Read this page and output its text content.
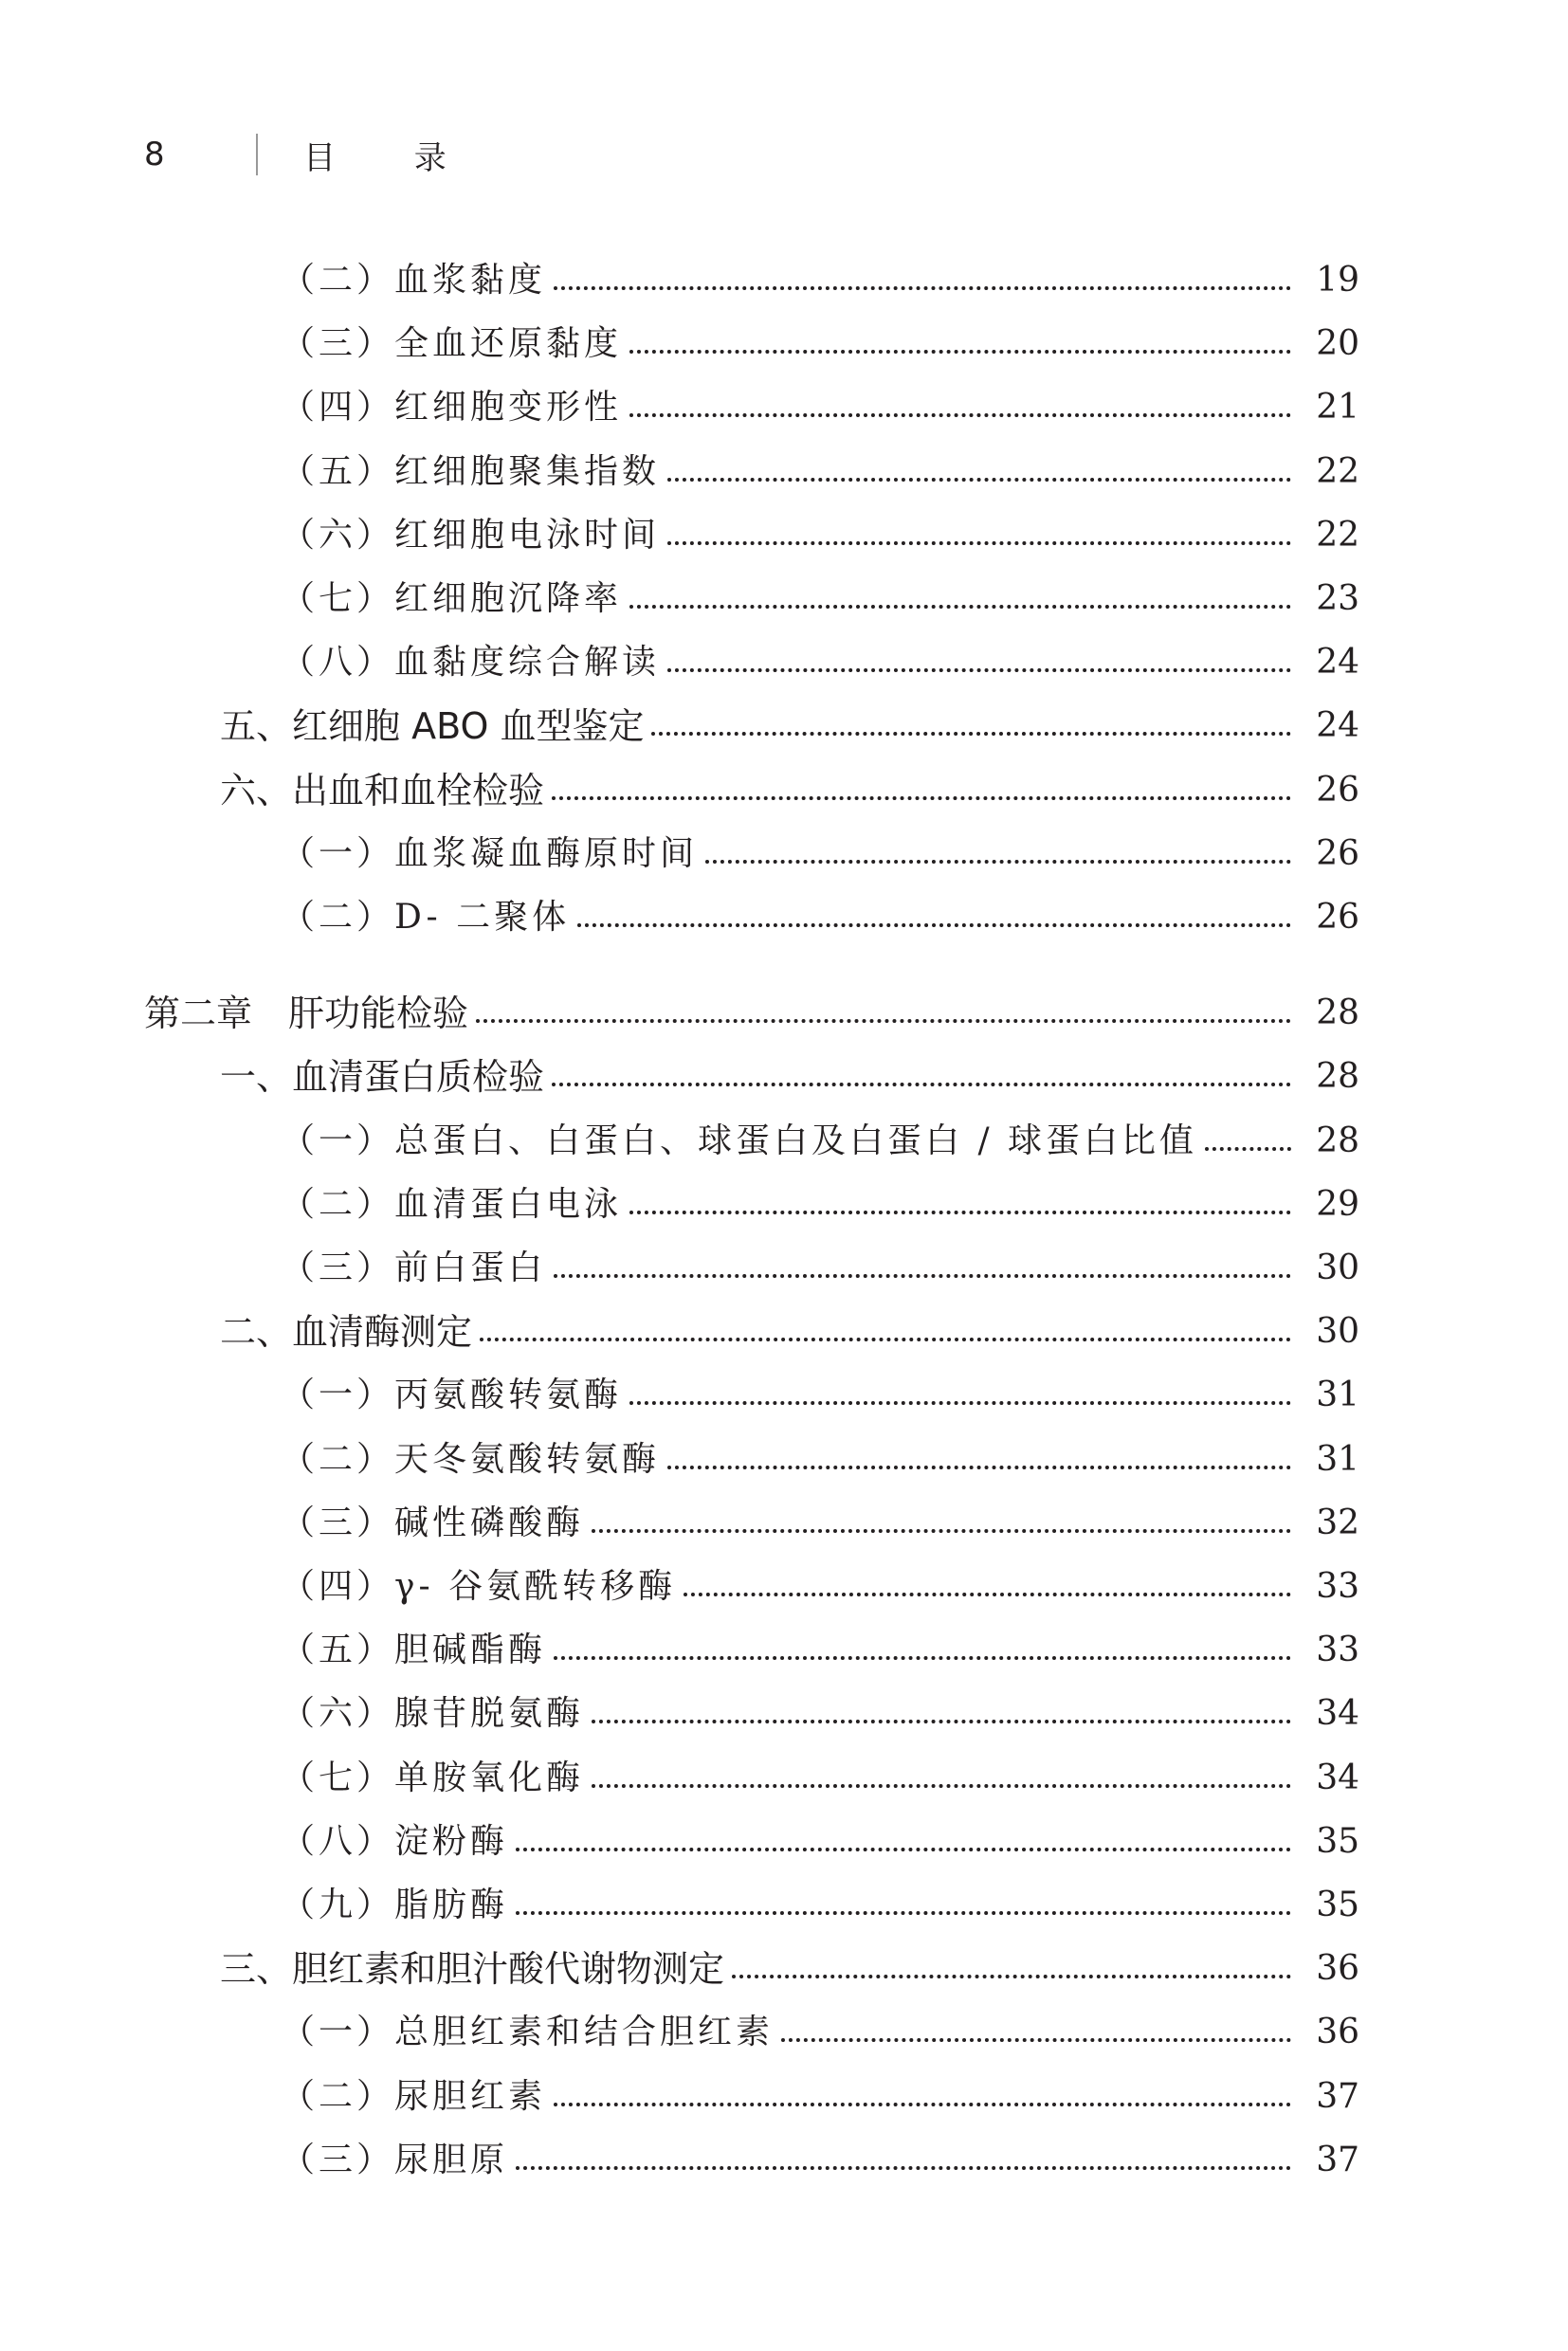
8	目 录
（二）血浆黏度	19
（三）全血还原黏度	20
（四）红细胞变形性	21
（五）红细胞聚集指数	22
（六）红细胞电泳时间	22
（七）红细胞沉降率	23
（八）血黏度综合解读	24
五、红细胞 ABO 血型鉴定	24
六、出血和血栓检验	26
（一）血浆凝血酶原时间	26
（二）D- 二聚体	26
第二章　肝功能检验	28
一、血清蛋白质检验	28
（一）总蛋白、白蛋白、球蛋白及白蛋白 / 球蛋白比值	28
（二）血清蛋白电泳	29
（三）前白蛋白	30
二、血清酶测定	30
（一）丙氨酸转氨酶	31
（二）天冬氨酸转氨酶	31
（三）碱性磷酸酶	32
（四）γ- 谷氨酰转移酶	33
（五）胆碱酯酶	33
（六）腺苷脱氨酶	34
（七）单胺氧化酶	34
（八）淀粉酶	35
（九）脂肪酶	35
三、胆红素和胆汁酸代谢物测定	36
（一）总胆红素和结合胆红素	36
（二）尿胆红素	37
（三）尿胆原	37
